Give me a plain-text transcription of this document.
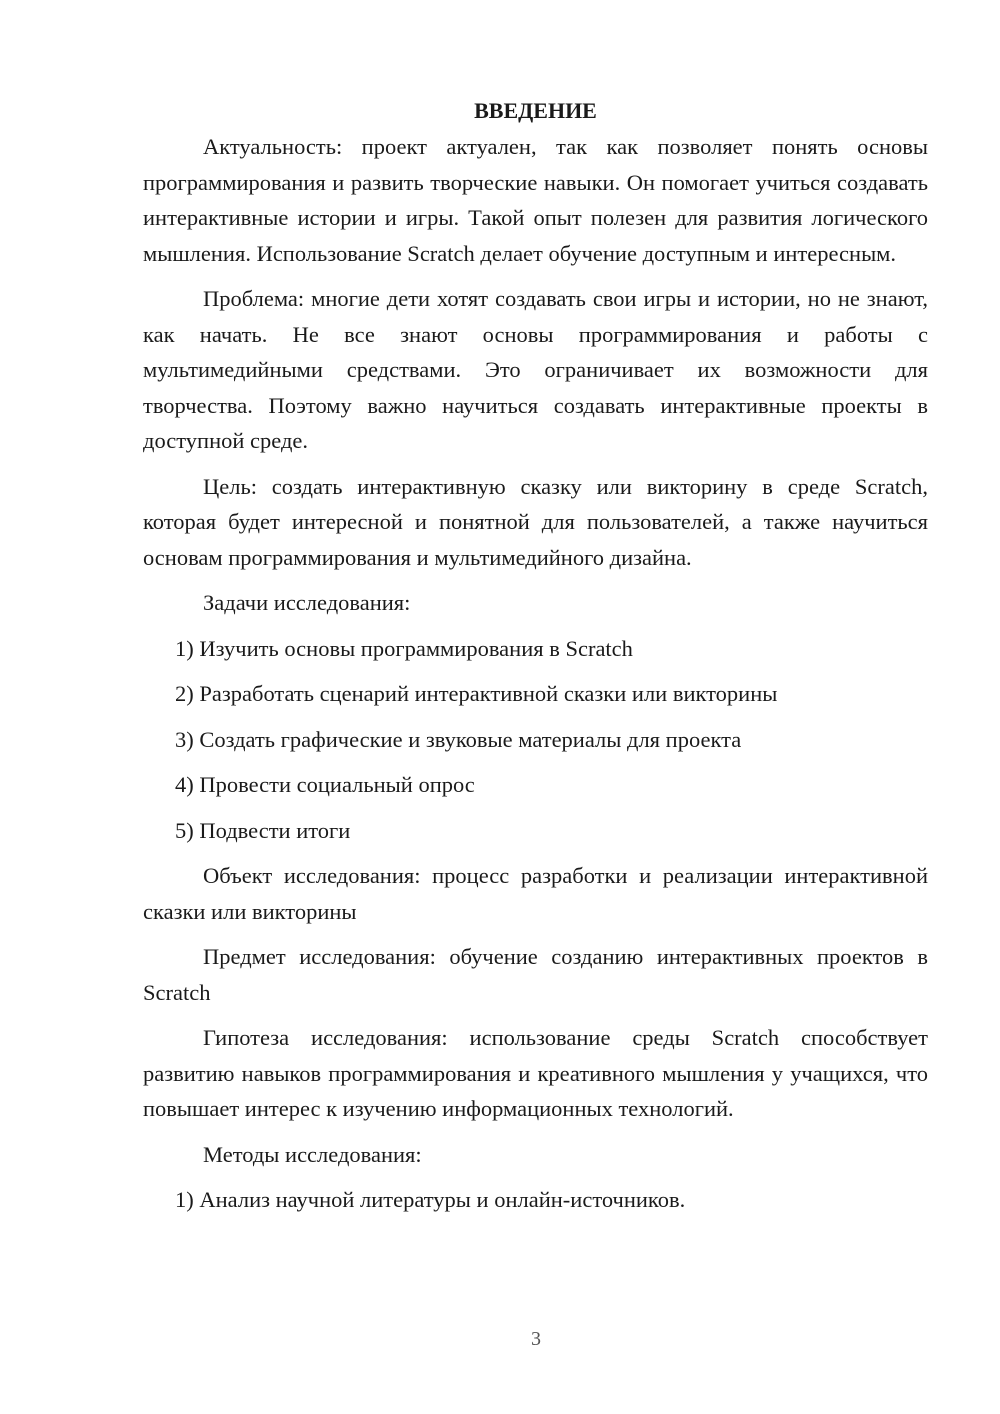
ВВЕДЕНИЕ

Актуальность: проект актуален, так как позволяет понять основы программирования и развить творческие навыки. Он помогает учиться создавать интерактивные истории и игры. Такой опыт полезен для развития логического мышления. Использование Scratch делает обучение доступным и интересным.

Проблема: многие дети хотят создавать свои игры и истории, но не знают, как начать. Не все знают основы программирования и работы с мультимедийными средствами. Это ограничивает их возможности для творчества. Поэтому важно научиться создавать интерактивные проекты в доступной среде.

Цель: создать интерактивную сказку или викторину в среде Scratch, которая будет интересной и понятной для пользователей, а также научиться основам программирования и мультимедийного дизайна.

Задачи исследования:

1) Изучить основы программирования в Scratch
2) Разработать сценарий интерактивной сказки или викторины
3) Создать графические и звуковые материалы для проекта
4) Провести социальный опрос
5) Подвести итоги

Объект исследования: процесс разработки и реализации интерактивной сказки или викторины

Предмет исследования: обучение созданию интерактивных проектов в Scratch

Гипотеза исследования: использование среды Scratch способствует развитию навыков программирования и креативного мышления у учащихся, что повышает интерес к изучению информационных технологий.

Методы исследования:

1) Анализ научной литературы и онлайн-источников.
3
